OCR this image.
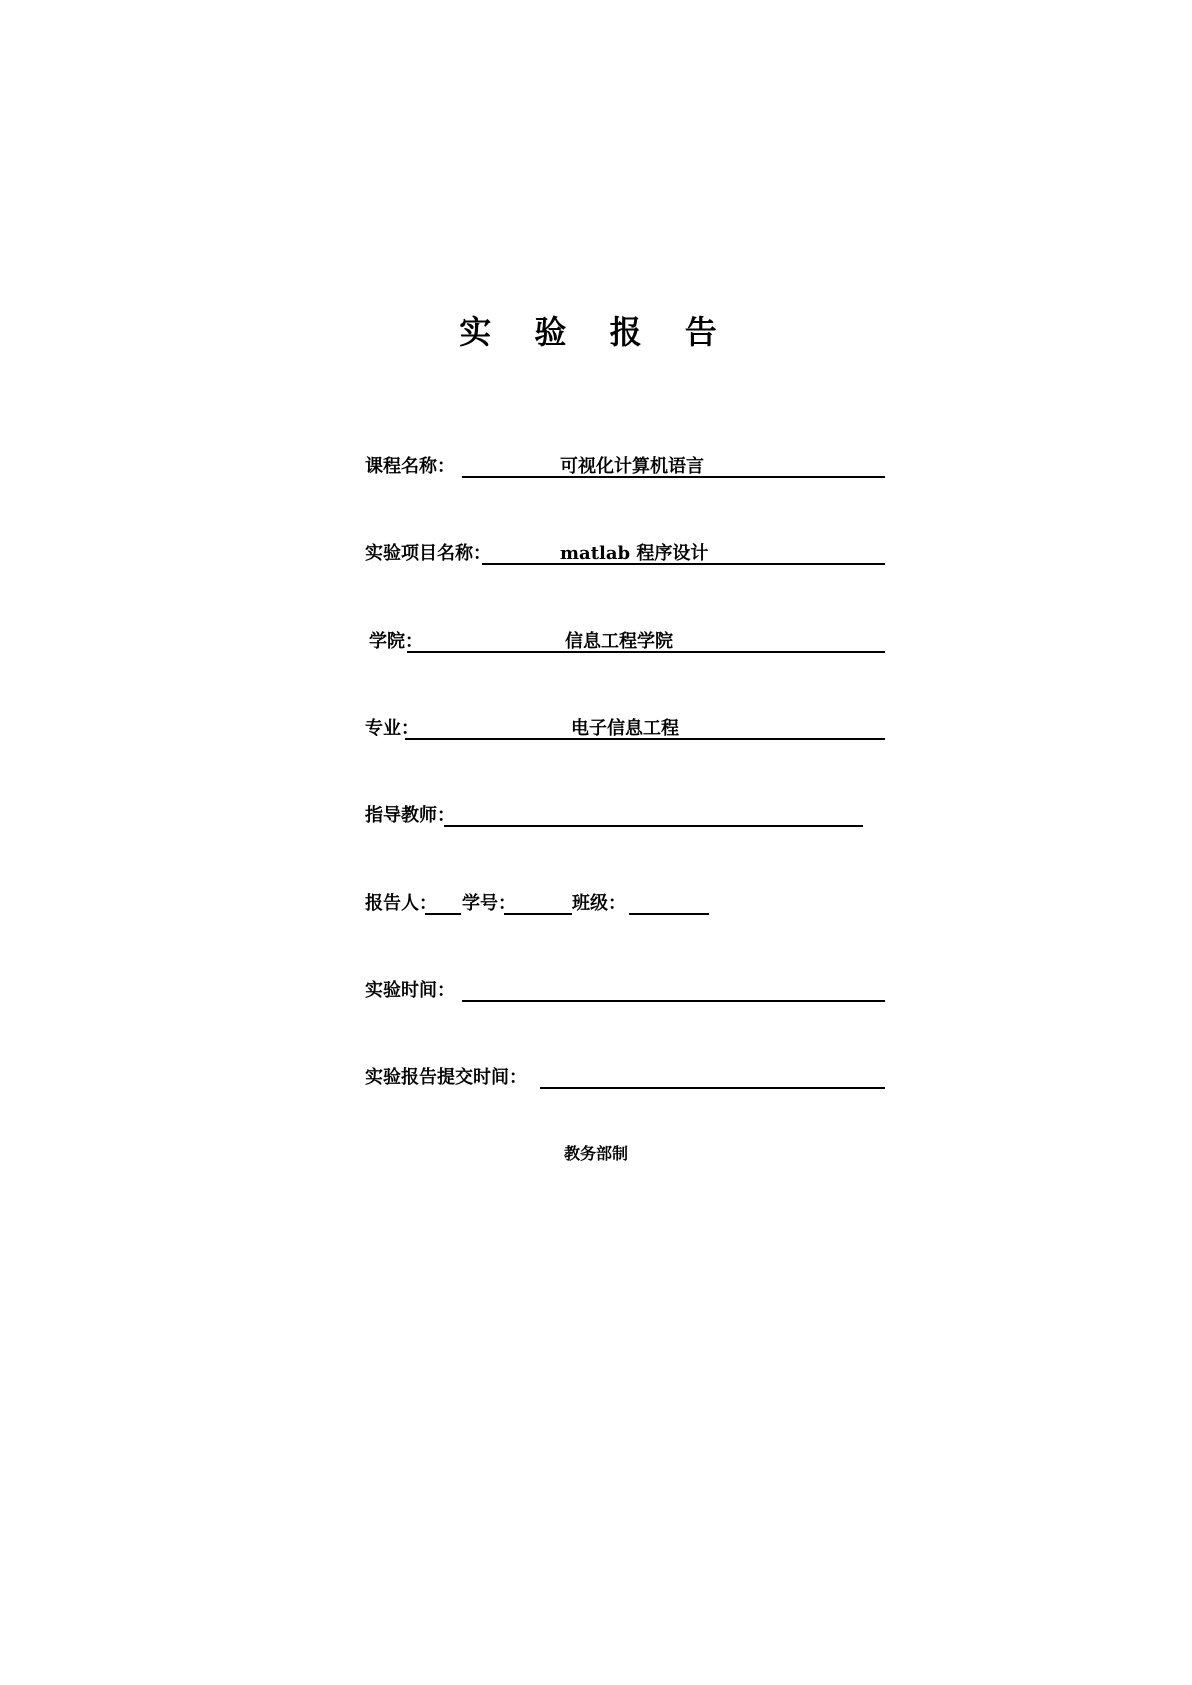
实 验 报 告
课程名称：	可视化计算机语言
实验项目名称：	matlab 程序设计
学院：	信息工程学院
专业：	电子信息工程
指导教师：
报告人： 学号：	班级：
实验时间：
实验报告提交时间：
教务部制
